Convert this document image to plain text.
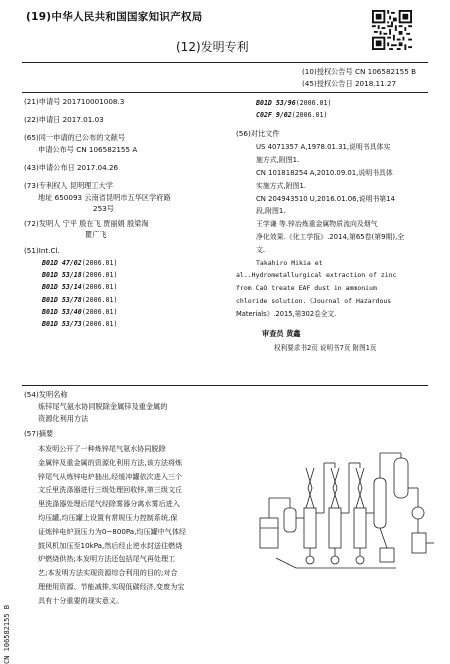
(19)中华人民共和国国家知识产权局
(12)发明专利
(10)授权公告号 CN 106582155 B
(45)授权公告日 2018.11.27
(21)申请号 201710001008.3
(22)申请日 2017.01.03
(65)同一申请的已公布的文献号
申请公布号 CN 106582155 A
(43)申请公布日 2017.04.26
(73)专利权人 昆明理工大学
地址 650093 云南省昆明市五华区学府路
253号
(72)发明人 宁平 殷在飞 贾丽娟 殷梁淘
瞿广飞
(51)Int.Cl.
B01D 47/02(2006.01)
B01D 53/18(2006.01)
B01D 53/14(2006.01)
B01D 53/78(2006.01)
B01D 53/40(2006.01)
B01D 53/73(2006.01)
B01D 53/96(2006.01)
C02F 9/02(2006.01)
(56)对比文件
US 4071357 A,1978.01.31,说明书具体实
施方式,附图1.
CN 101818254 A,2010.09.01,说明书具体
实施方式,附图1.
CN 204943510 U,2016.01.06,说明书第14
段,附图1.
王学谦 等.锌冶炼重金属物质流向及烟气
净化效果.《化工学报》.2014,第65卷(第9期),全
文.
Takahiro Mikia et
al..Hydrometallurgical extraction of zinc
from CaO treate EAF dust in ammonium
chloride solution.《Journal of Hazardous
Materials》.2015,第302卷全文.
审查员 黄鑫
权利要求书2页 说明书7页 附图1页
(54)发明名称
炼锌尾气氨水协同脱除金属锌及重金属的
资源化利用方法
(57)摘要
本发明公开了一种炼锌尾气氨水协同脱除
金属锌及重金属的资源化利用方法,该方法将炼
锌尾气从炼锌电炉抽出,经缓冲罐依次进入三个
文丘里洗涤器进行三级处理回收锌,第三级文丘
里洗涤器处理后尾气经除雾器分离水雾后进入
均压罐,均压罐上设置有常规压力控制系统,保
证炼锌电炉顶压力为0~800Pa,均压罐中气体经
鼓风机加压至10kPa,然后经止逆水封送往燃烧
炉燃烧供热;本发明方法还包括尾气再处理工
艺;本发明方法实现资源综合利用的目的;对合
理使用资源、节能减排,实现低碳经济,变废为宝
具有十分重要的现实意义。
CN 106582155 B
